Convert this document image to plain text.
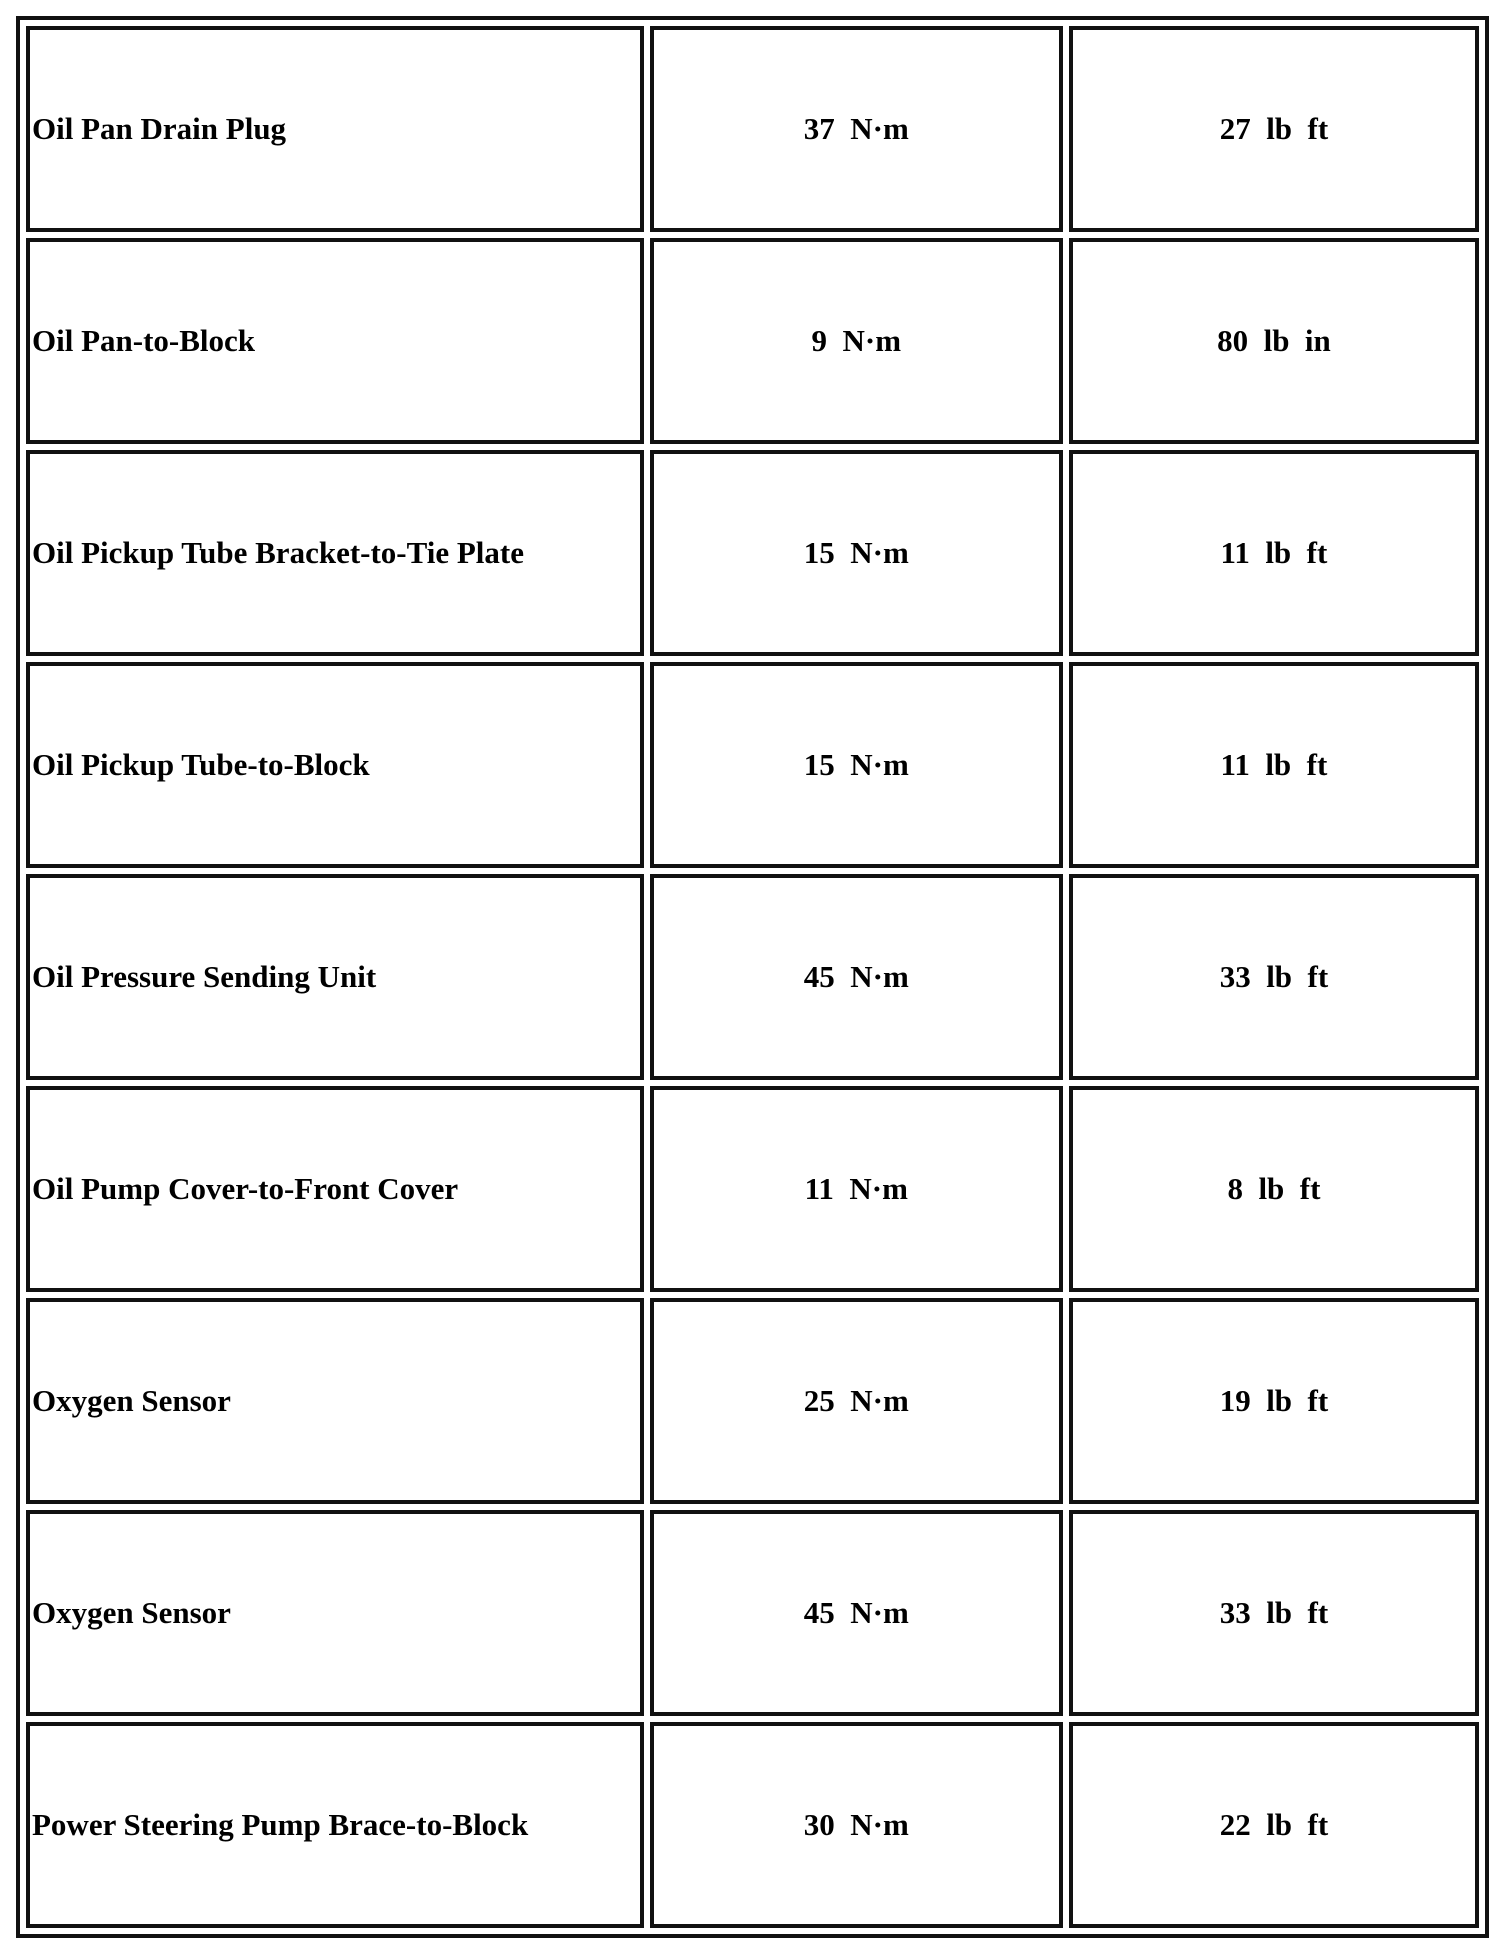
Oil Pan Drain Plug	37  N·m	27  lb  ft
Oil Pan-to-Block	9  N·m	80  lb  in
Oil Pickup Tube Bracket-to-Tie Plate	15  N·m	11  lb  ft
Oil Pickup Tube-to-Block	15  N·m	11  lb  ft
Oil Pressure Sending Unit	45  N·m	33  lb  ft
Oil Pump Cover-to-Front Cover	11  N·m	8  lb  ft
Oxygen Sensor	25  N·m	19  lb  ft
Oxygen Sensor	45  N·m	33  lb  ft
Power Steering Pump Brace-to-Block	30  N·m	22  lb  ft
